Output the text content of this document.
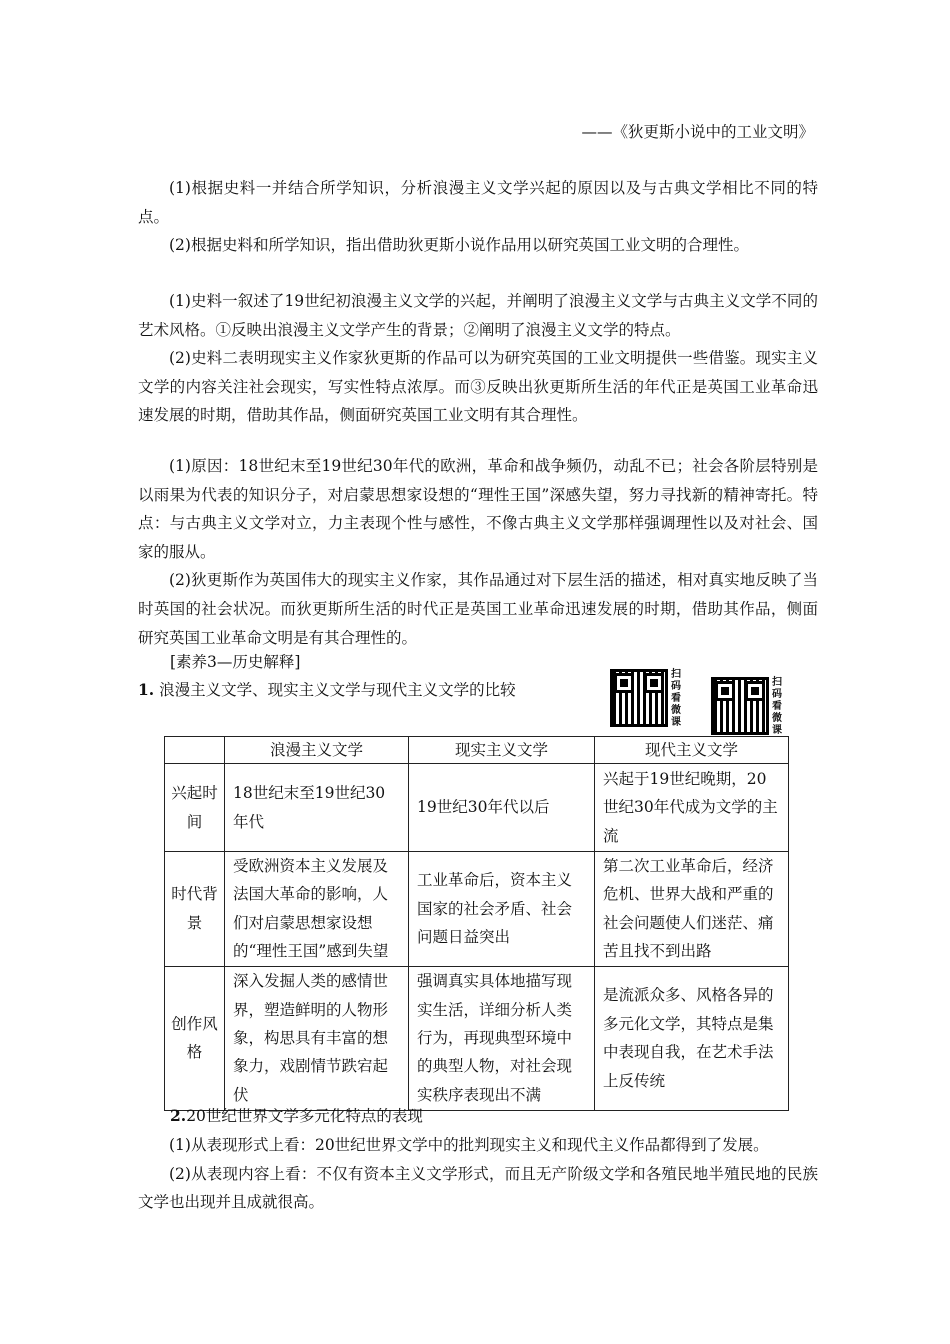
——《狄更斯小说中的工业文明》

(1)根据史料一并结合所学知识，分析浪漫主义文学兴起的原因以及与古典文学相比不同的特点。

(2)根据史料和所学知识，指出借助狄更斯小说作品用以研究英国工业文明的合理性。

(1)史料一叙述了19世纪初浪漫主义文学的兴起，并阐明了浪漫主义文学与古典主义文学不同的艺术风格。①反映出浪漫主义文学产生的背景；②阐明了浪漫主义文学的特点。

(2)史料二表明现实主义作家狄更斯的作品可以为研究英国的工业文明提供一些借鉴。现实主义文学的内容关注社会现实，写实性特点浓厚。而③反映出狄更斯所生活的年代正是英国工业革命迅速发展的时期，借助其作品，侧面研究英国工业文明有其合理性。

(1)原因：18世纪末至19世纪30年代的欧洲，革命和战争频仍，动乱不已；社会各阶层特别是以雨果为代表的知识分子，对启蒙思想家设想的“理性王国”深感失望，努力寻找新的精神寄托。特点：与古典主义文学对立，力主表现个性与感性，不像古典主义文学那样强调理性以及对社会、国家的服从。

(2)狄更斯作为英国伟大的现实主义作家，其作品通过对下层生活的描述，相对真实地反映了当时英国的社会状况。而狄更斯所生活的时代正是英国工业革命迅速发展的时期，借助其作品，侧面研究英国工业革命文明是有其合理性的。

[素养3—历史解释]
1. 浪漫主义文学、现实主义文学与现代主义文学的比较
扫码看微课
扫码看微课
	浪漫主义文学	现实主义文学	现代主义文学
兴起时间	18世纪末至19世纪30年代	19世纪30年代以后	兴起于19世纪晚期，20世纪30年代成为文学的主流
时代背景	受欧洲资本主义发展及法国大革命的影响，人们对启蒙思想家设想的“理性王国”感到失望	工业革命后，资本主义国家的社会矛盾、社会问题日益突出	第二次工业革命后，经济危机、世界大战和严重的社会问题使人们迷茫、痛苦且找不到出路
创作风格	深入发掘人类的感情世界，塑造鲜明的人物形象，构思具有丰富的想象力，戏剧情节跌宕起伏	强调真实具体地描写现实生活，详细分析人类行为，再现典型环境中的典型人物，对社会现实秩序表现出不满	是流派众多、风格各异的多元化文学，其特点是集中表现自我，在艺术手法上反传统
2.20世纪世界文学多元化特点的表现

(1)从表现形式上看：20世纪世界文学中的批判现实主义和现代主义作品都得到了发展。

(2)从表现内容上看：不仅有资本主义文学形式，而且无产阶级文学和各殖民地半殖民地的民族文学也出现并且成就很高。
